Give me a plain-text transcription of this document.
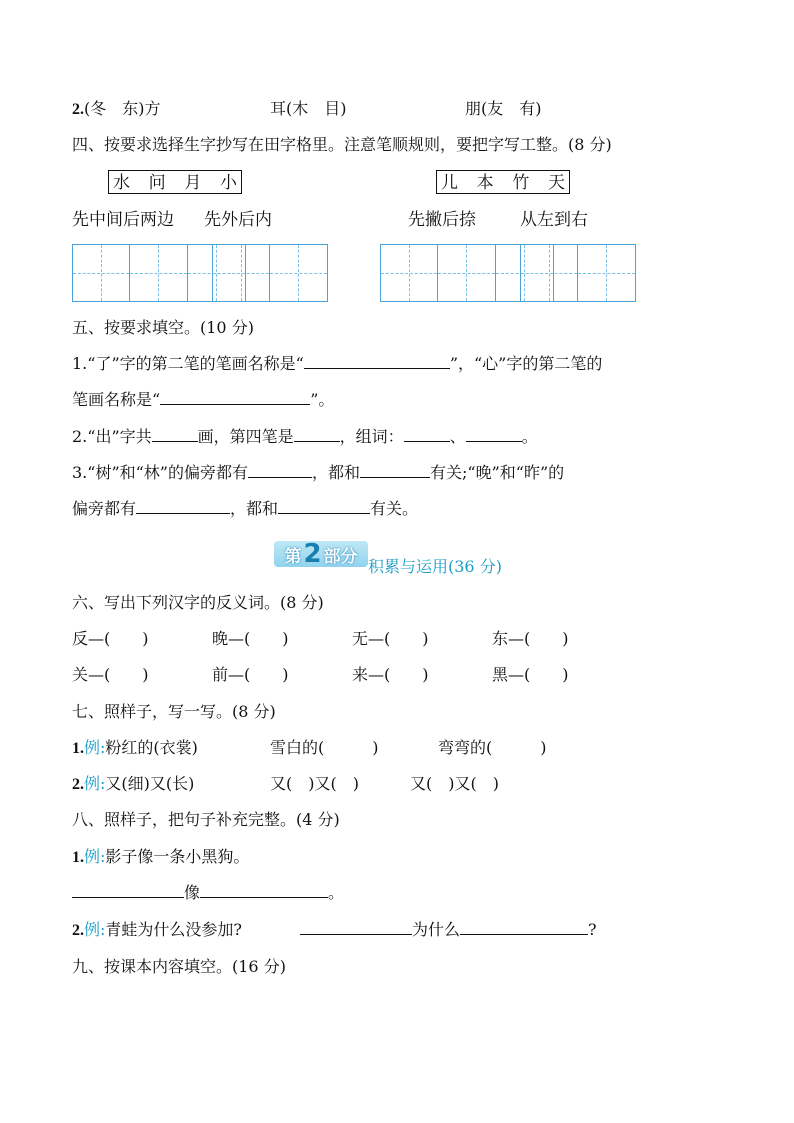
2.(冬　东)方	耳(木　目)	朋(友　有)
四、按要求选择生字抄写在田字格里。注意笔顺规则，要把字写工整。(8 分)
水 问 月 小	儿 本 竹 天
先中间后两边 先外后内	先撇后捺	从左到右
五、按要求填空。(10 分)
1.“了”字的第二笔的笔画名称是“	”，“心”字的第二笔的
笔画名称是“	”。
2.“出”字共	画，第四笔是	，组词：	、	。
3.“树”和“林”的偏旁都有	，都和	有关;“晚”和“昨”的
偏旁都有	，都和	有关。
第 2 部分 积累与运用(36 分)
六、写出下列汉字的反义词。(8 分)
反—(　　)	晚—(　　)	无—(　　)	东—(　　)
关—(　　)	前—(　　)	来—(　　)	黑—(　　)
七、照样子，写一写。(8 分)
1.例:粉红的(衣裳)	雪白的(　　　)	弯弯的(　　　)
2.例:又(细)又(长)	又(　)又(　)	又(　)又(　)
八、照样子，把句子补充完整。(4 分)
1.例:影子像一条小黑狗。
像	。
2.例:青蛙为什么没参加?	为什么	?
九、按课本内容填空。(16 分)
